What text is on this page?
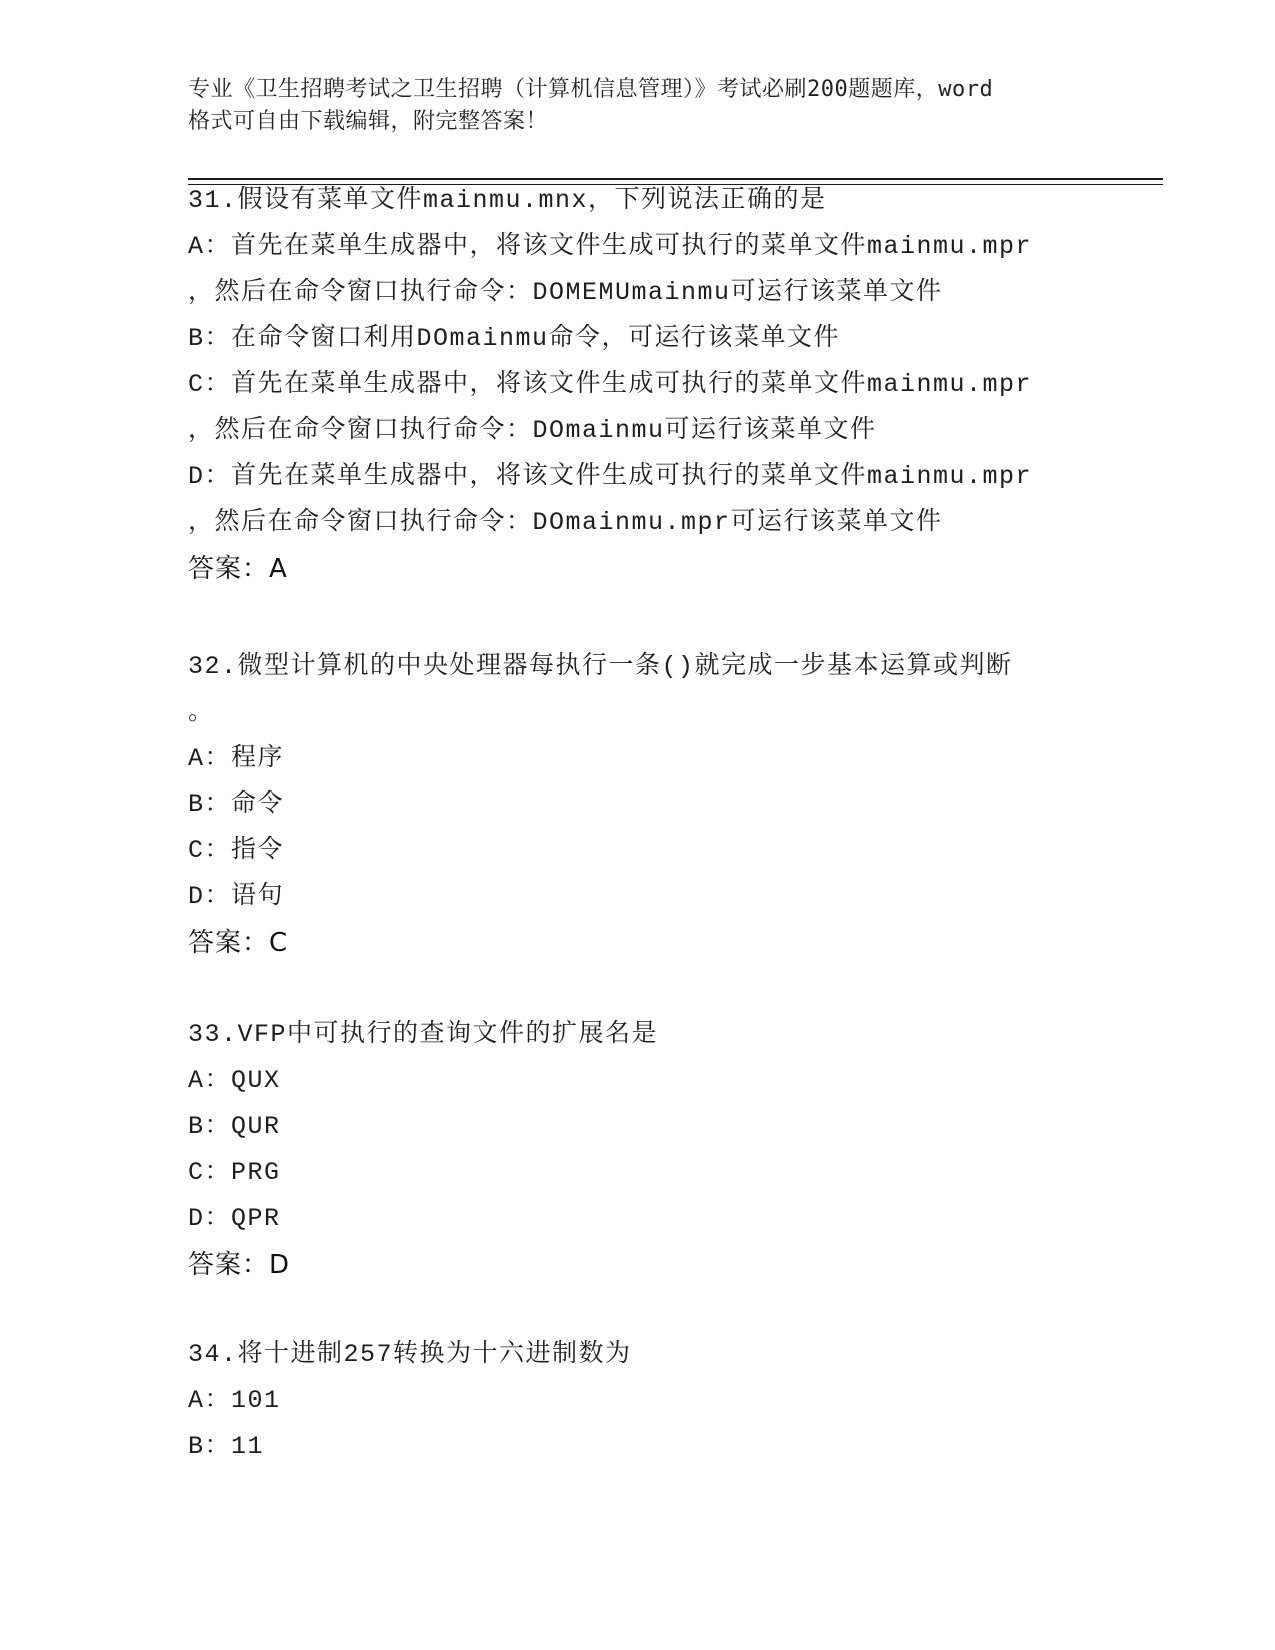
专业《卫生招聘考试之卫生招聘（计算机信息管理）》考试必刷200题题库，word
格式可自由下载编辑，附完整答案！
31.假设有菜单文件mainmu.mnx，下列说法正确的是
A：首先在菜单生成器中，将该文件生成可执行的菜单文件mainmu.mpr
，然后在命令窗口执行命令：DOMEMUmainmu可运行该菜单文件
B：在命令窗口利用DOmainmu命令，可运行该菜单文件
C：首先在菜单生成器中，将该文件生成可执行的菜单文件mainmu.mpr
，然后在命令窗口执行命令：DOmainmu可运行该菜单文件
D：首先在菜单生成器中，将该文件生成可执行的菜单文件mainmu.mpr
，然后在命令窗口执行命令：DOmainmu.mpr可运行该菜单文件
答案：A
32.微型计算机的中央处理器每执行一条()就完成一步基本运算或判断
。
A：程序
B：命令
C：指令
D：语句
答案：C
33.VFP中可执行的查询文件的扩展名是
A：QUX
B：QUR
C：PRG
D：QPR
答案：D
34.将十进制257转换为十六进制数为
A：101
B：11
